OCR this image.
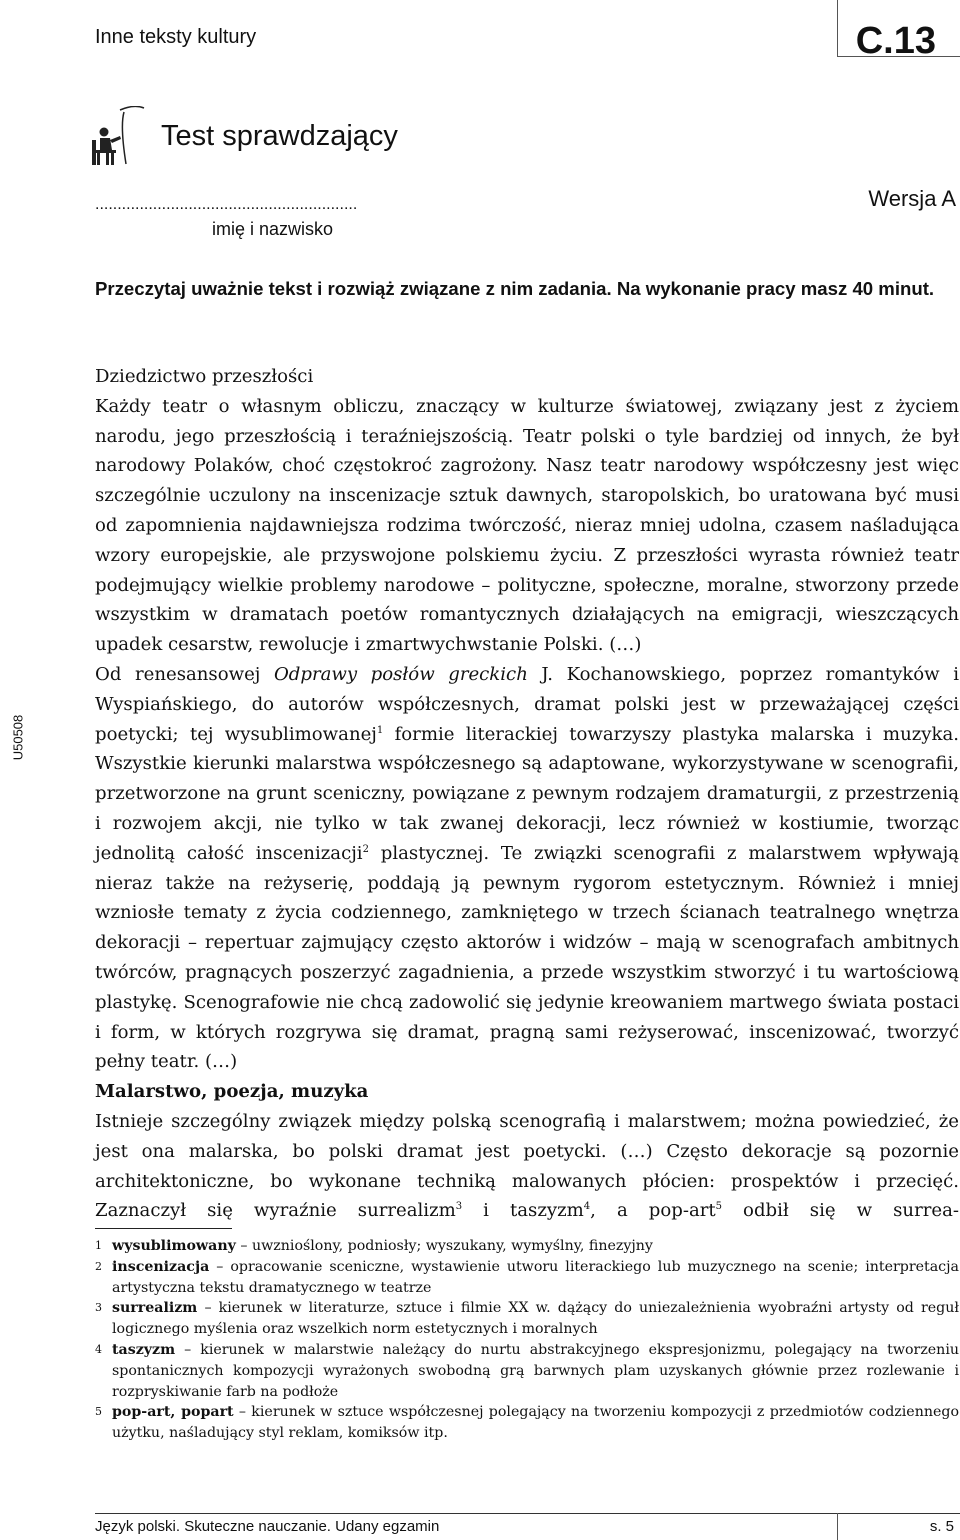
Inne teksty kultury	C.13
Test sprawdzający
...........................................................
imię i nazwisko
Wersja A
Przeczytaj uważnie tekst i rozwiąż związane z nim zadania. Na wykonanie pracy masz 40 minut.
U50508
Dziedzictwo przeszłości

Każdy teatr o własnym obliczu, znaczący w kulturze światowej, związany jest z życiem narodu, jego przeszłością i teraźniejszością. Teatr polski o tyle bardziej od innych, że był narodowy Polaków, choć częstokroć zagrożony. Nasz teatr narodowy współczesny jest więc szczególnie uczulony na inscenizacje sztuk dawnych, staropolskich, bo uratowana być musi od zapomnienia najdawniejsza rodzima twórczość, nieraz mniej udolna, czasem naśladująca wzory europejskie, ale przyswojone polskiemu życiu. Z przeszłości wyrasta również teatr podejmujący wielkie problemy narodowe – polityczne, społeczne, moralne, stworzony przede wszystkim w dramatach poetów romantycznych działających na emigracji, wieszczących upadek cesarstw, rewolucje i zmartwychwstanie Polski. (…)

Od renesansowej Odprawy posłów greckich J. Kochanowskiego, poprzez romantyków i Wyspiańskiego, do autorów współczesnych, dramat polski jest w przeważającej części poetycki; tej wysublimowanej$^1$ formie literackiej towarzyszy plastyka malarska i muzyka. Wszystkie kierunki malarstwa współczesnego są adaptowane, wykorzystywane w scenografii, przetworzone na grunt sceniczny, powiązane z pewnym rodzajem dramaturgii, z przestrzenią i rozwojem akcji, nie tylko w tak zwanej dekoracji, lecz również w kostiumie, tworząc jednolitą całość inscenizacji$^2$ plastycznej. Te związki scenografii z malarstwem wpływają nieraz także na reżyserię, poddają ją pewnym rygorom estetycznym. Również i mniej wzniosłe tematy z życia codziennego, zamkniętego w trzech ścianach teatralnego wnętrza dekoracji – repertuar zajmujący często aktorów i widzów – mają w scenografach ambitnych twórców, pragnących poszerzyć zagadnienia, a przede wszystkim stworzyć i tu wartościową plastykę. Scenografowie nie chcą zadowolić się jedynie kreowaniem martwego świata postaci i form, w których rozgrywa się dramat, pragną sami reżyserować, inscenizować, tworzyć pełny teatr. (…)

Malarstwo, poezja, muzyka

Istnieje szczególny związek między polską scenografią i malarstwem; można powiedzieć, że jest ona malarska, bo polski dramat jest poetycki. (…) Często dekoracje są pozornie architektoniczne, bo wykonane techniką malowanych płócien: prospektów i przecięć. Zaznaczył się wyraźnie surrealizm$^3$ i taszyzm$^4$, a pop-art$^5$ odbił się w surrea-

1 wysublimowany – uwznioślony, podniosły; wyszukany, wymyślny, finezyjny

2 inscenizacja – opracowanie sceniczne, wystawienie utworu literackiego lub muzycznego na scenie; interpretacja artystyczna tekstu dramatycznego w teatrze

3 surrealizm – kierunek w literaturze, sztuce i filmie XX w. dążący do uniezależnienia wyobraźni artysty od reguł logicznego myślenia oraz wszelkich norm estetycznych i moralnych

4 taszyzm – kierunek w malarstwie należący do nurtu abstrakcyjnego ekspresjonizmu, polegający na tworzeniu spontanicznych kompozycji wyrażonych swobodną grą barwnych plam uzyskanych głównie przez rozlewanie i rozpryskiwanie farb na podłoże

5 pop-art, popart – kierunek w sztuce współczesnej polegający na tworzeniu kompozycji z przedmiotów codziennego użytku, naśladujący styl reklam, komiksów itp.

Język polski. Skuteczne nauczanie. Udany egzamin	s. 5
